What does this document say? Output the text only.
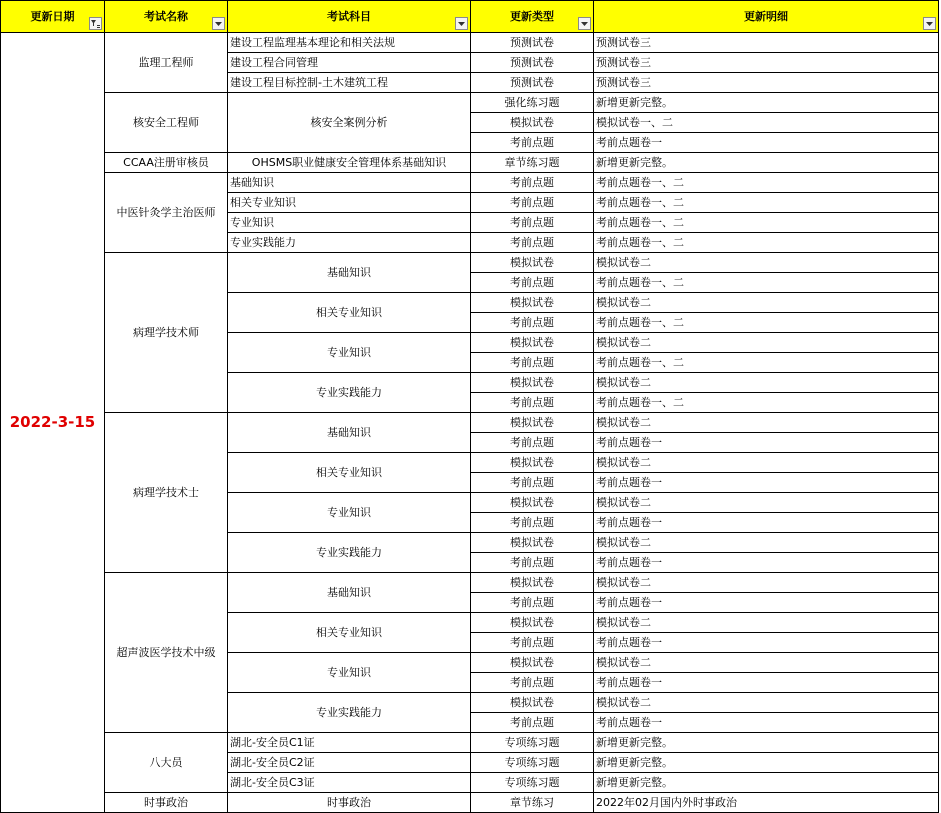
更新日期	考试名称	考试科目	更新类型	更新明细

2022-3-15	监理工程师	建设工程监理基本理论和相关法规	预测试卷	预测试卷三
		建设工程合同管理	预测试卷	预测试卷三
		建设工程目标控制-土木建筑工程	预测试卷	预测试卷三
	核安全工程师	核安全案例分析	强化练习题	新增更新完整。
			模拟试卷	模拟试卷一、二
			考前点题	考前点题卷一
	CCAA注册审核员	OHSMS职业健康安全管理体系基础知识	章节练习题	新增更新完整。
	中医针灸学主治医师	基础知识	考前点题	考前点题卷一、二
		相关专业知识	考前点题	考前点题卷一、二
		专业知识	考前点题	考前点题卷一、二
		专业实践能力	考前点题	考前点题卷一、二
	病理学技术师	基础知识	模拟试卷	模拟试卷二
			考前点题	考前点题卷一、二
		相关专业知识	模拟试卷	模拟试卷二
			考前点题	考前点题卷一、二
		专业知识	模拟试卷	模拟试卷二
			考前点题	考前点题卷一、二
		专业实践能力	模拟试卷	模拟试卷二
			考前点题	考前点题卷一、二
	病理学技术士	基础知识	模拟试卷	模拟试卷二
			考前点题	考前点题卷一
		相关专业知识	模拟试卷	模拟试卷二
			考前点题	考前点题卷一
		专业知识	模拟试卷	模拟试卷二
			考前点题	考前点题卷一
		专业实践能力	模拟试卷	模拟试卷二
			考前点题	考前点题卷一
	超声波医学技术中级	基础知识	模拟试卷	模拟试卷二
			考前点题	考前点题卷一
		相关专业知识	模拟试卷	模拟试卷二
			考前点题	考前点题卷一
		专业知识	模拟试卷	模拟试卷二
			考前点题	考前点题卷一
		专业实践能力	模拟试卷	模拟试卷二
			考前点题	考前点题卷一
	八大员	湖北-安全员C1证	专项练习题	新增更新完整。
		湖北-安全员C2证	专项练习题	新增更新完整。
		湖北-安全员C3证	专项练习题	新增更新完整。
	时事政治	时事政治	章节练习	2022年02月国内外时事政治
